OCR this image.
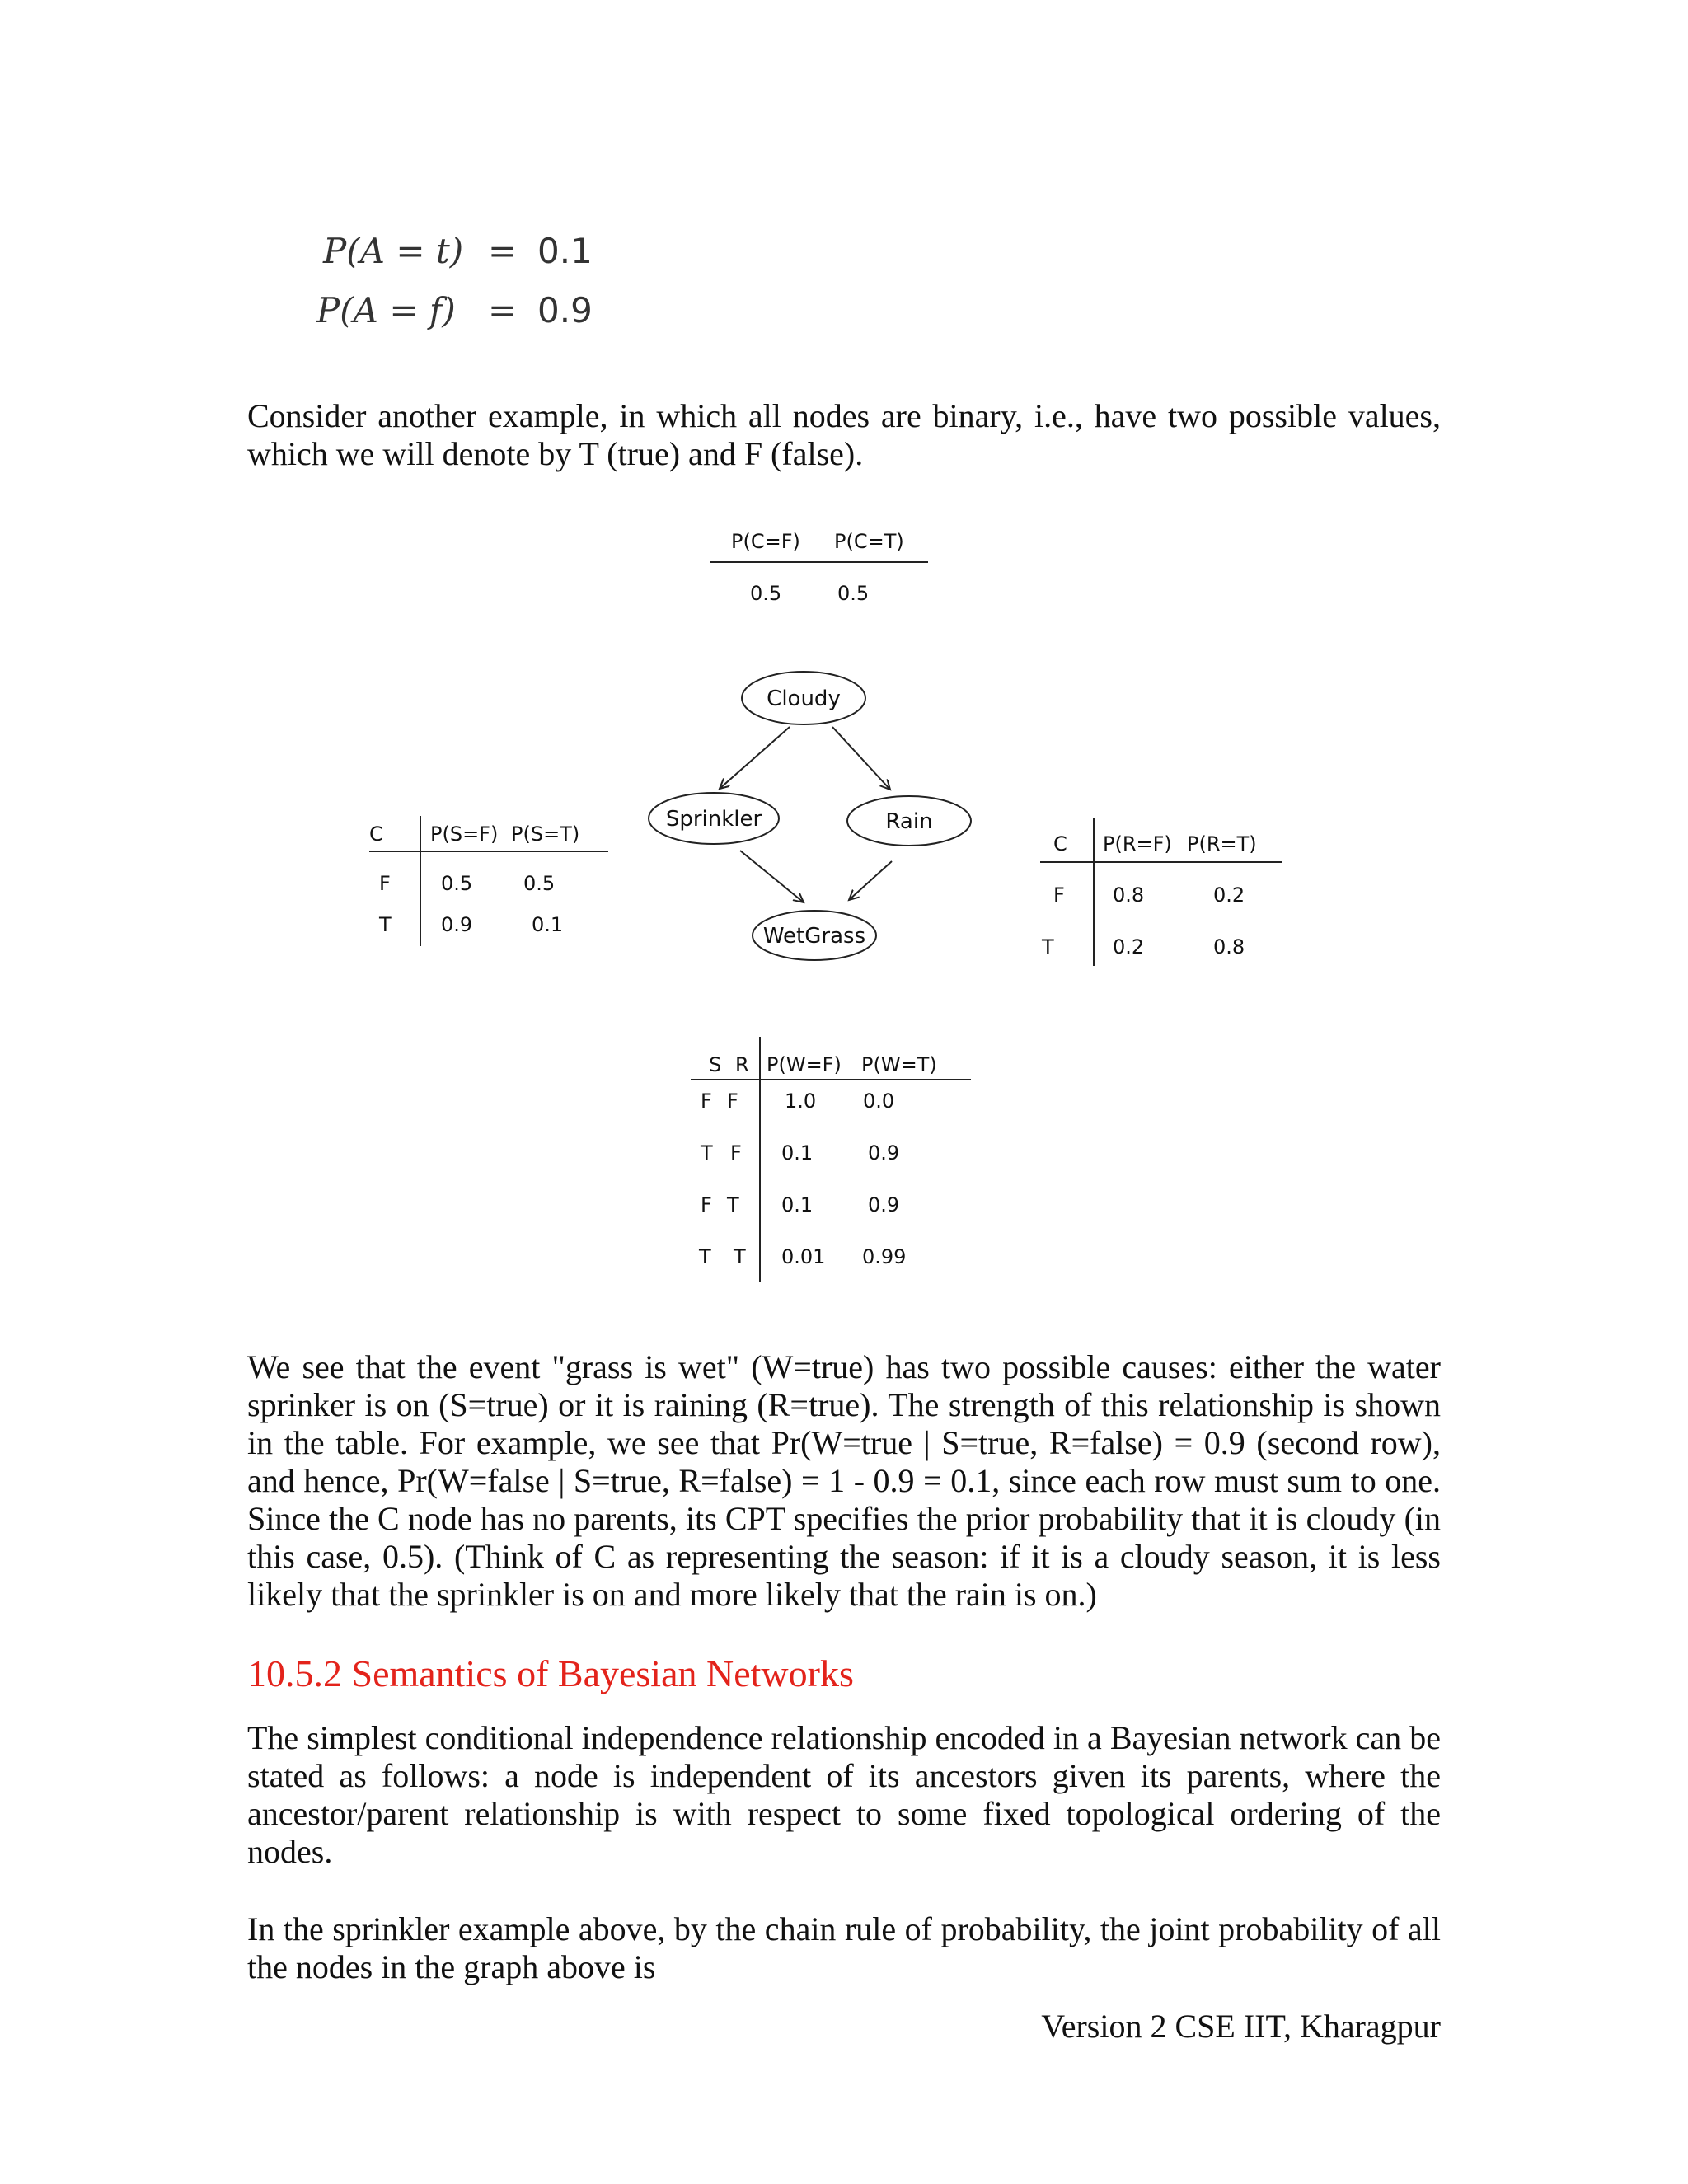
P(A = t) = 0.1
P(A = f) = 0.9

Consider another example, in which all nodes are binary, i.e., have two possible values, which we will denote by T (true) and F (false).

P(C=F) P(C=T)
0.5	0.5
Cloudy
Sprinkler	Rain
WetGrass
C P(S=F) P(S=T)
F	0.5	0.5
T	0.9	0.1
C P(R=F) P(R=T)
F 0.8	0.2
T	0.2	0.8
S R P(W=F) P(W=T)
F F 1.0 0.0
T F 0.1	0.9
F T 0.1	0.9
T T 0.01 0.99

We see that the event "grass is wet" (W=true) has two possible causes: either the water sprinker is on (S=true) or it is raining (R=true). The strength of this relationship is shown in the table. For example, we see that Pr(W=true | S=true, R=false) = 0.9 (second row), and hence, Pr(W=false | S=true, R=false) = 1 - 0.9 = 0.1, since each row must sum to one. Since the C node has no parents, its CPT specifies the prior probability that it is cloudy (in this case, 0.5). (Think of C as representing the season: if it is a cloudy season, it is less likely that the sprinkler is on and more likely that the rain is on.)

10.5.2 Semantics of Bayesian Networks

The simplest conditional independence relationship encoded in a Bayesian network can be stated as follows: a node is independent of its ancestors given its parents, where the ancestor/parent relationship is with respect to some fixed topological ordering of the nodes.

In the sprinkler example above, by the chain rule of probability, the joint probability of all the nodes in the graph above is

Version 2 CSE IIT, Kharagpur
